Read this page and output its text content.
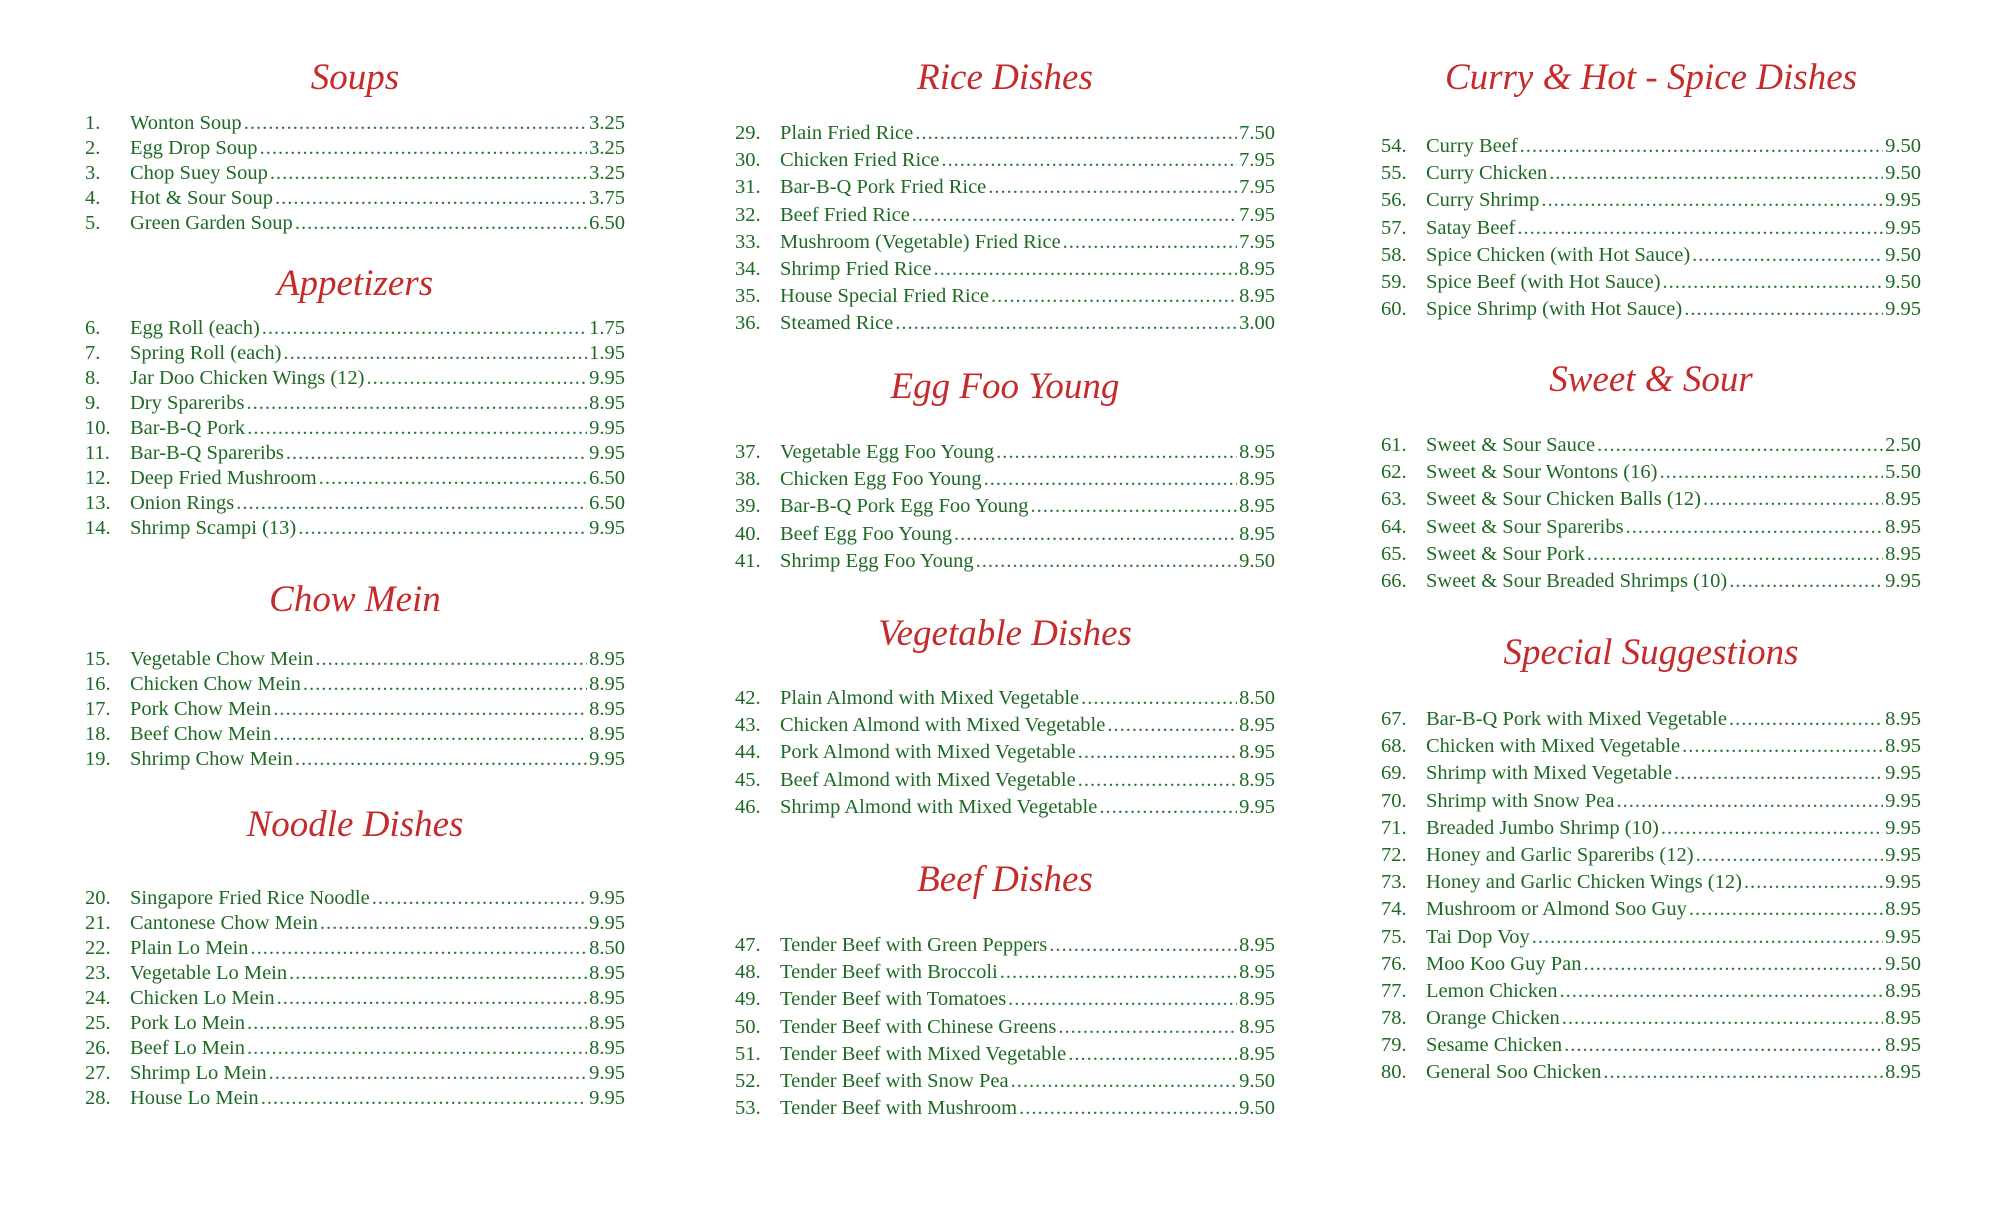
Soups
1.	Wonton Soup .....	3.25
2.	Egg Drop Soup .....	3.25
3.	Chop Suey Soup .....	3.25
4.	Hot & Sour Soup .....	3.75
5.	Green Garden Soup .....	6.50
Appetizers
6.	Egg Roll (each) .....	1.75
7.	Spring Roll (each) .....	1.95
8.	Jar Doo Chicken Wings (12) .....	9.95
9.	Dry Spareribs .....	8.95
10. Bar-B-Q Pork .....	9.95
11. Bar-B-Q Spareribs .....	9.95
12. Deep Fried Mushroom .....	6.50
13. Onion Rings .....	6.50
14. Shrimp Scampi (13) .....	9.95
Chow Mein
15. Vegetable Chow Mein .....	8.95
16. Chicken Chow Mein .....	8.95
17. Pork Chow Mein .....	8.95
18. Beef Chow Mein .....	8.95
19. Shrimp Chow Mein .....	9.95
Noodle Dishes
20. Singapore Fried Rice Noodle .....	9.95
21. Cantonese Chow Mein .....	9.95
22. Plain Lo Mein .....	8.50
23. Vegetable Lo Mein .....	8.95
24. Chicken Lo Mein .....	8.95
25. Pork Lo Mein .....	8.95
26. Beef Lo Mein .....	8.95
27. Shrimp Lo Mein .....	9.95
28. House Lo Mein .....	9.95
Rice Dishes
29. Plain Fried Rice .....	7.50
30. Chicken Fried Rice .....	7.95
31. Bar-B-Q Pork Fried Rice .....	7.95
32. Beef Fried Rice .....	7.95
33. Mushroom (Vegetable) Fried Rice .....	7.95
34. Shrimp Fried Rice .....	8.95
35. House Special Fried Rice .....	8.95
36. Steamed Rice .....	3.00
Egg Foo Young
37. Vegetable Egg Foo Young .....	8.95
38. Chicken Egg Foo Young .....	8.95
39. Bar-B-Q Pork Egg Foo Young .....	8.95
40. Beef Egg Foo Young .....	8.95
41. Shrimp Egg Foo Young .....	9.50
Vegetable Dishes
42. Plain Almond with Mixed Vegetable .....	8.50
43. Chicken Almond with Mixed Vegetable .....	8.95
44. Pork Almond with Mixed Vegetable .....	8.95
45. Beef Almond with Mixed Vegetable .....	8.95
46. Shrimp Almond with Mixed Vegetable .....	9.95
Beef Dishes
47. Tender Beef with Green Peppers .....	8.95
48. Tender Beef with Broccoli .....	8.95
49. Tender Beef with Tomatoes .....	8.95
50. Tender Beef with Chinese Greens .....	8.95
51. Tender Beef with Mixed Vegetable .....	8.95
52. Tender Beef with Snow Pea .....	9.50
53. Tender Beef with Mushroom .....	9.50
Curry & Hot - Spice Dishes
54. Curry Beef .....	9.50
55. Curry Chicken .....	9.50
56. Curry Shrimp .....	9.95
57. Satay Beef .....	9.95
58. Spice Chicken (with Hot Sauce) .....	9.50
59. Spice Beef (with Hot Sauce) .....	9.50
60. Spice Shrimp (with Hot Sauce) .....	9.95
Sweet & Sour
61. Sweet & Sour Sauce .....	2.50
62. Sweet & Sour Wontons (16) .....	5.50
63. Sweet & Sour Chicken Balls (12) .....	8.95
64. Sweet & Sour Spareribs .....	8.95
65. Sweet & Sour Pork .....	8.95
66. Sweet & Sour Breaded Shrimps (10) .....	9.95
Special Suggestions
67. Bar-B-Q Pork with Mixed Vegetable .....	8.95
68. Chicken with Mixed Vegetable .....	8.95
69. Shrimp with Mixed Vegetable .....	9.95
70. Shrimp with Snow Pea .....	9.95
71. Breaded Jumbo Shrimp (10) .....	9.95
72. Honey and Garlic Spareribs (12) .....	9.95
73. Honey and Garlic Chicken Wings (12) .....	9.95
74. Mushroom or Almond Soo Guy .....	8.95
75. Tai Dop Voy .....	9.95
76. Moo Koo Guy Pan .....	9.50
77. Lemon Chicken .....	8.95
78. Orange Chicken .....	8.95
79. Sesame Chicken .....	8.95
80. General Soo Chicken .....	8.95
